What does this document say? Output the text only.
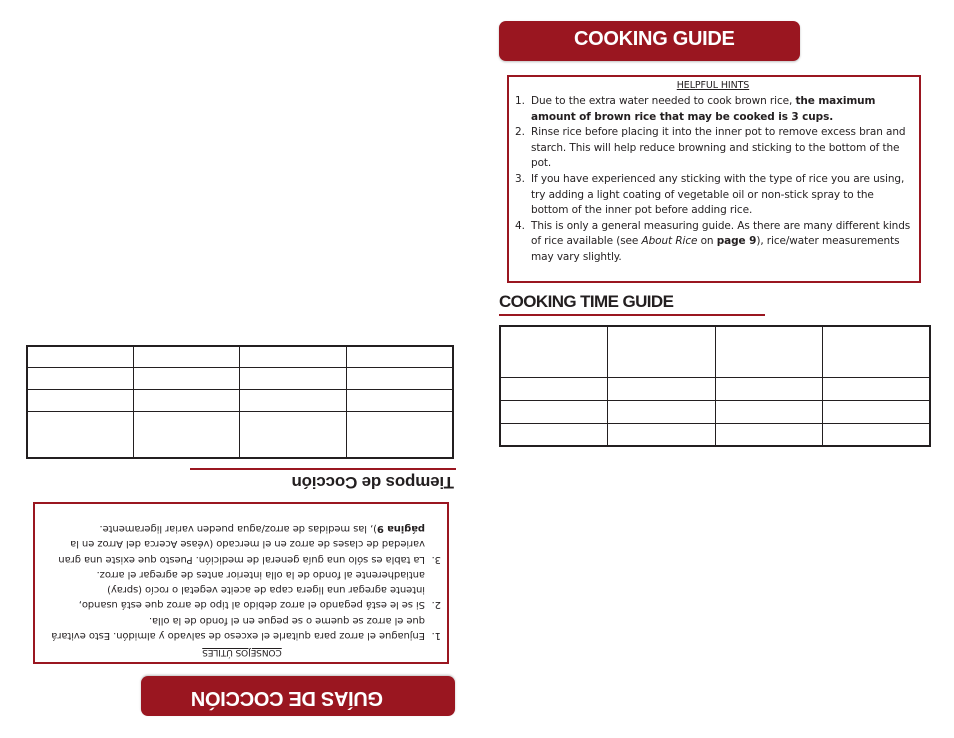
COOKING GUIDE
HELPFUL HINTS
1. Due to the extra water needed to cook brown rice, the maximum amount of brown rice that may be cooked is 3 cups.
2. Rinse rice before placing it into the inner pot to remove excess bran and starch. This will help reduce browning and sticking to the bottom of the pot.
3. If you have experienced any sticking with the type of rice you are using, try adding a light coating of vegetable oil or non-stick spray to the bottom of the inner pot before adding rice.
4. This is only a general measuring guide. As there are many different kinds of rice available (see About Rice on page 9), rice/water measurements may vary slightly.
COOKING TIME GUIDE

Tiempos de Cocción
CONSEJOS ÚTILES
1.
Enjuague el arroz para quitarle el exceso de salvado y almidón. Esto evitará que el arroz se queme o se pegue en el fondo de la olla.
2.
Si se le está pegando el arroz debido al tipo de arroz que está usando, intente agregar una ligera capa de aceite vegetal o rocío (spray) antiadherente al fondo de la olla interior antes de agregar el arroz.
3.
La tabla es sólo una guía general de medición. Puesto que existe una gran variedad de clases de arroz en el mercado (véase Acerca del Arroz en la página 9), las medidas de arroz/agua pueden variar ligeramente.
GUÍAS DE COCCIÓN
